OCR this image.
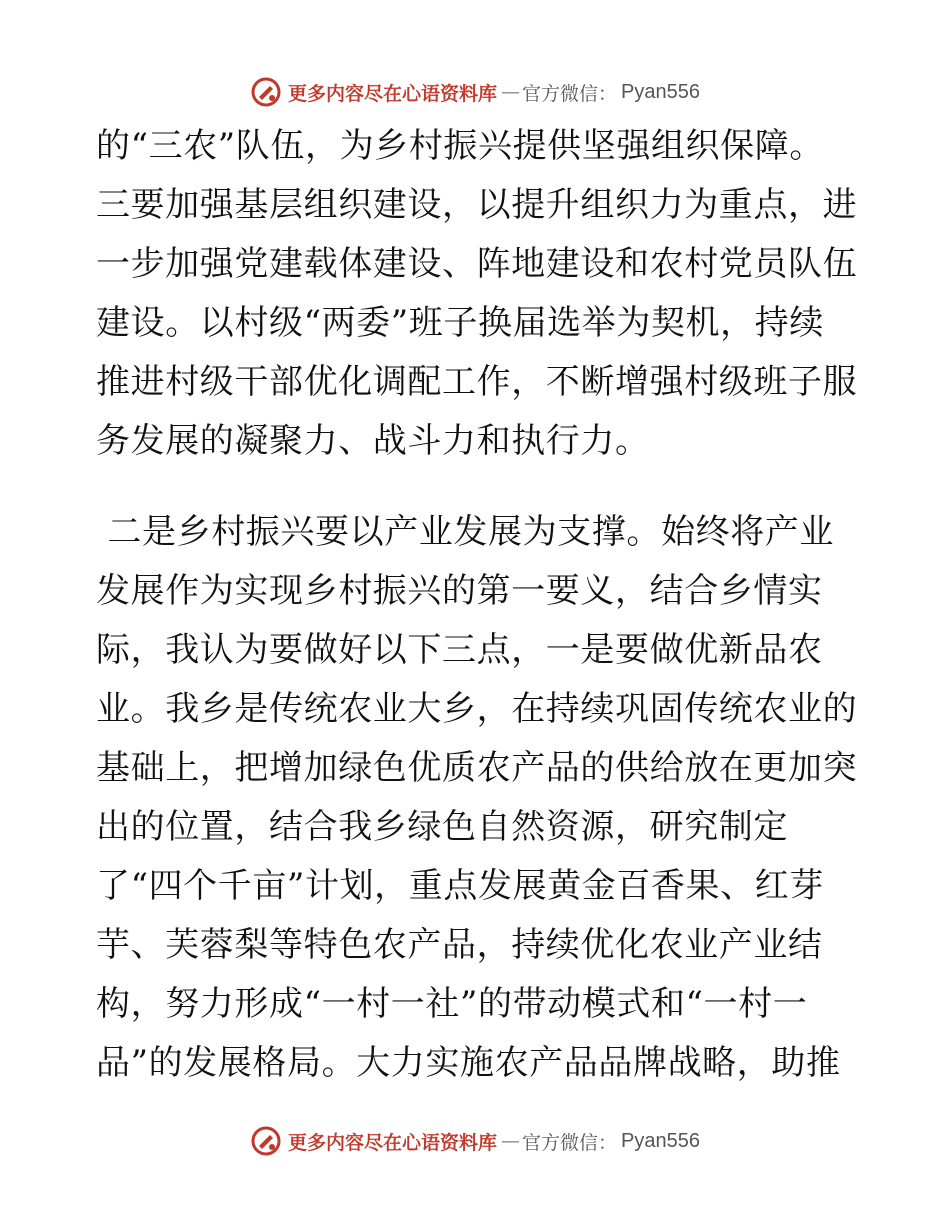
更多内容尽在心语资料库 — 官方微信： Pyan556
的“三农”队伍，为乡村振兴提供坚强组织保障。
三要加强基层组织建设，以提升组织力为重点，进
一步加强党建载体建设、阵地建设和农村党员队伍
建设。以村级“两委”班子换届选举为契机，持续
推进村级干部优化调配工作，不断增强村级班子服
务发展的凝聚力、战斗力和执行力。
二是乡村振兴要以产业发展为支撑。始终将产业
发展作为实现乡村振兴的第一要义，结合乡情实
际，我认为要做好以下三点，一是要做优新品农
业。我乡是传统农业大乡，在持续巩固传统农业的
基础上，把增加绿色优质农产品的供给放在更加突
出的位置，结合我乡绿色自然资源，研究制定
了“四个千亩”计划，重点发展黄金百香果、红芽
芋、芙蓉梨等特色农产品，持续优化农业产业结
构，努力形成“一村一社”的带动模式和“一村一
品”的发展格局。大力实施农产品品牌战略，助推
更多内容尽在心语资料库 — 官方微信： Pyan556
